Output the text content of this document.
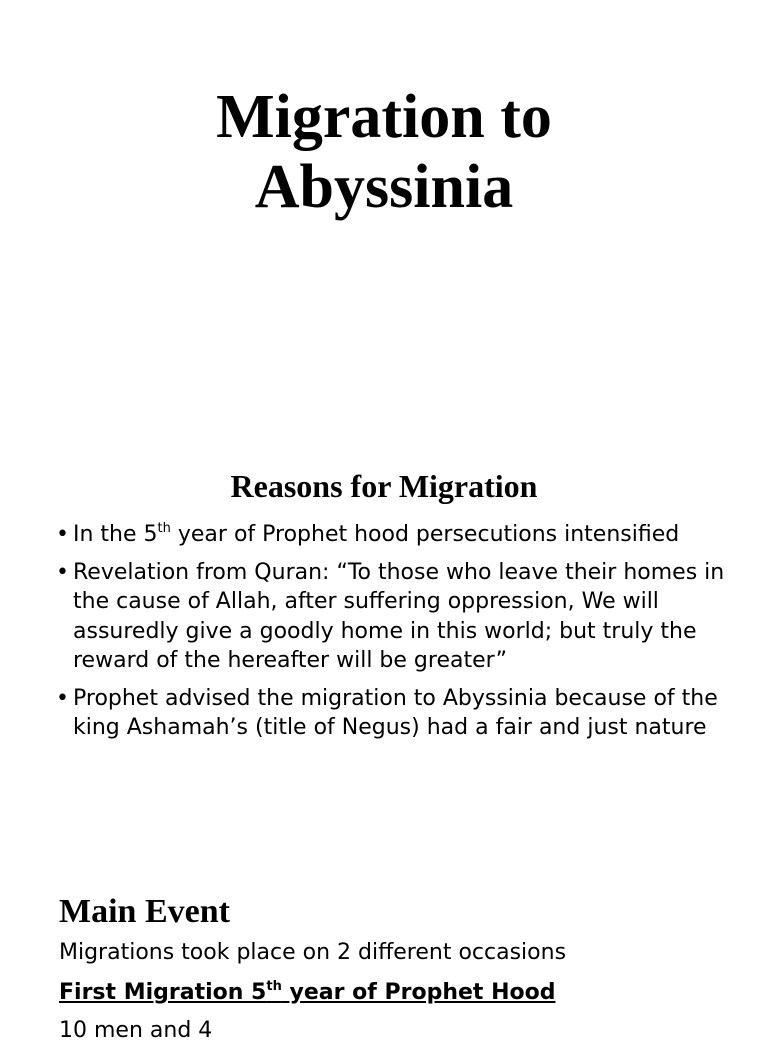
Migration to
Abyssinia
Reasons for Migration
• In the 5th year of Prophet hood persecutions intensified
• Revelation from Quran: “To those who leave their homes in the cause of Allah, after suffering oppression, We will assuredly give a goodly home in this world; but truly the reward of the hereafter will be greater”
• Prophet advised the migration to Abyssinia because of the king Ashamah’s (title of Negus) had a fair and just nature
Main Event
Migrations took place on 2 different occasions
First Migration 5th year of Prophet Hood
10 men and 4
